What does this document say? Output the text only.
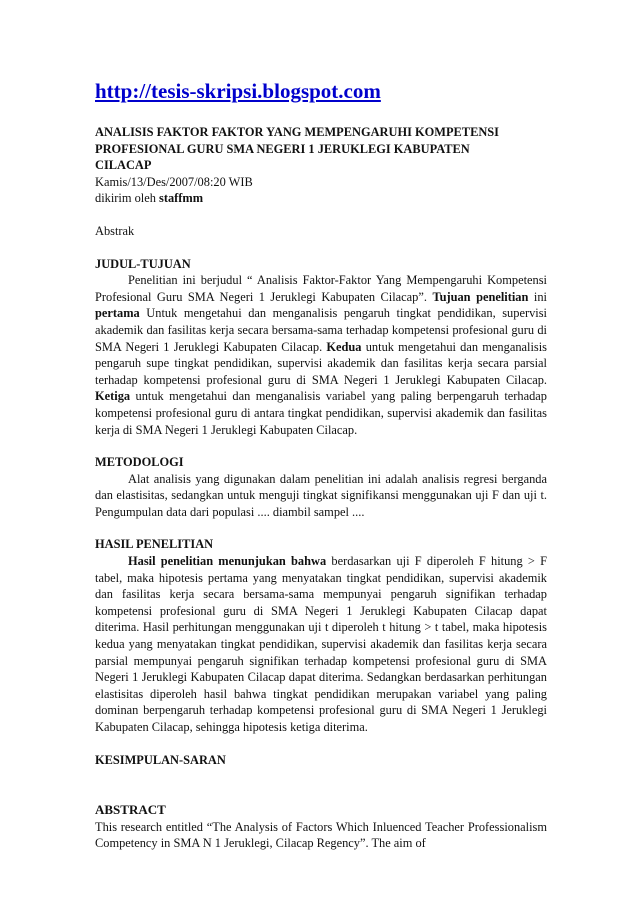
http://tesis-skripsi.blogspot.com
ANALISIS FAKTOR FAKTOR YANG MEMPENGARUHI KOMPETENSI
PROFESIONAL GURU SMA NEGERI 1 JERUKLEGI KABUPATEN
CILACAP
Kamis/13/Des/2007/08:20 WIB
dikirim oleh staffmm
Abstrak
JUDUL-TUJUAN
Penelitian ini berjudul “ Analisis Faktor-Faktor Yang Mempengaruhi Kompetensi Profesional Guru SMA Negeri 1 Jeruklegi Kabupaten Cilacap”. Tujuan penelitian ini pertama Untuk mengetahui dan menganalisis pengaruh tingkat pendidikan, supervisi akademik dan fasilitas kerja secara bersama-sama terhadap kompetensi profesional guru di SMA Negeri 1 Jeruklegi Kabupaten Cilacap. Kedua untuk mengetahui dan menganalisis pengaruh supe tingkat pendidikan, supervisi akademik dan fasilitas kerja secara parsial terhadap kompetensi profesional guru di SMA Negeri 1 Jeruklegi Kabupaten Cilacap. Ketiga untuk mengetahui dan menganalisis variabel yang paling berpengaruh terhadap kompetensi profesional guru di antara tingkat pendidikan, supervisi akademik dan fasilitas kerja di SMA Negeri 1 Jeruklegi Kabupaten Cilacap.
METODOLOGI
Alat analisis yang digunakan dalam penelitian ini adalah analisis regresi berganda dan elastisitas, sedangkan untuk menguji tingkat signifikansi menggunakan uji F dan uji t. Pengumpulan data dari populasi .... diambil sampel ....
HASIL PENELITIAN
Hasil penelitian menunjukan bahwa berdasarkan uji F diperoleh F hitung > F tabel, maka hipotesis pertama yang menyatakan tingkat pendidikan, supervisi akademik dan fasilitas kerja secara bersama-sama mempunyai pengaruh signifikan terhadap kompetensi profesional guru di SMA Negeri 1 Jeruklegi Kabupaten Cilacap dapat diterima. Hasil perhitungan menggunakan uji t diperoleh t hitung > t tabel, maka hipotesis kedua yang menyatakan tingkat pendidikan, supervisi akademik dan fasilitas kerja secara parsial mempunyai pengaruh signifikan terhadap kompetensi profesional guru di SMA Negeri 1 Jeruklegi Kabupaten Cilacap dapat diterima. Sedangkan berdasarkan perhitungan elastisitas diperoleh hasil bahwa tingkat pendidikan merupakan variabel yang paling dominan berpengaruh terhadap kompetensi profesional guru di SMA Negeri 1 Jeruklegi Kabupaten Cilacap, sehingga hipotesis ketiga diterima.
KESIMPULAN-SARAN
ABSTRACT
This research entitled “The Analysis of Factors Which Inluenced Teacher Professionalism Competency in SMA N 1 Jeruklegi, Cilacap Regency”. The aim of
